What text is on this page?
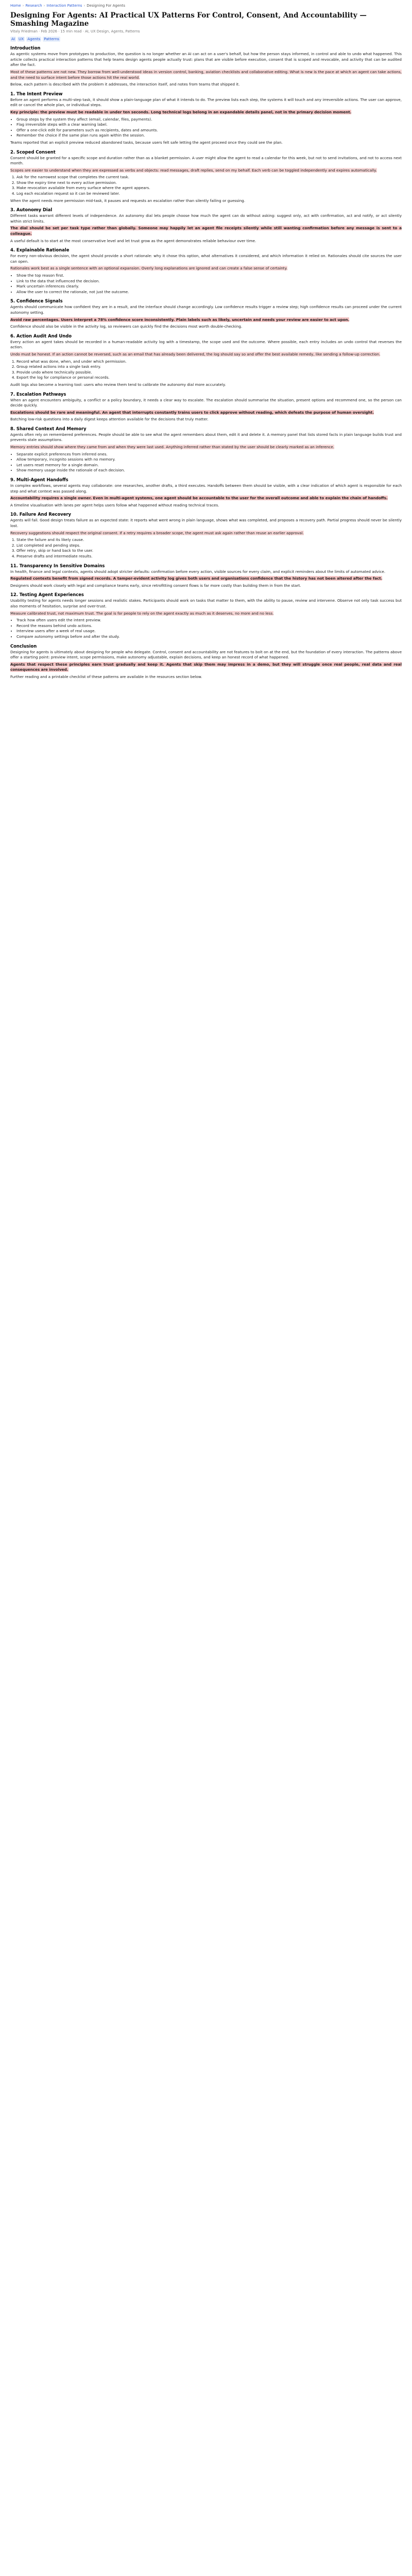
Home › Research › Interaction Patterns › Designing For Agents
Designing For Agents: AI Practical UX Patterns For Control, Consent, And Accountability — Smashing Magazine
Vitaly Friedman · Feb 2026 · 15 min read · AI, UX Design, Agents, Patterns
AI UX Agents Patterns
Introduction

As agentic systems move from prototypes to production, the question is no longer whether an AI can act on a user's behalf, but how the person stays informed, in control and able to undo what happened. This article collects practical interaction patterns that help teams design agents people actually trust: plans that are visible before execution, consent that is scoped and revocable, and activity that can be audited after the fact.

Most of these patterns are not new. They borrow from well-understood ideas in version control, banking, aviation checklists and collaborative editing. What is new is the pace at which an agent can take actions, and the need to surface intent before those actions hit the real world.

Below, each pattern is described with the problem it addresses, the interaction itself, and notes from teams that shipped it.

1. The Intent Preview

Before an agent performs a multi-step task, it should show a plain-language plan of what it intends to do. The preview lists each step, the systems it will touch and any irreversible actions. The user can approve, edit or cancel the whole plan, or individual steps.

Key principle: the preview must be readable in under ten seconds. Long technical logs belong in an expandable details panel, not in the primary decision moment.

• Group steps by the system they affect (email, calendar, files, payments).
• Flag irreversible steps with a clear warning label.
• Offer a one-click edit for parameters such as recipients, dates and amounts.
• Remember the choice if the same plan runs again within the session.

Teams reported that an explicit preview reduced abandoned tasks, because users felt safe letting the agent proceed once they could see the plan.

2. Scoped Consent

Consent should be granted for a specific scope and duration rather than as a blanket permission. A user might allow the agent to read a calendar for this week, but not to send invitations, and not to access next month.

Scopes are easier to understand when they are expressed as verbs and objects: read messages, draft replies, send on my behalf. Each verb can be toggled independently and expires automatically.

1. Ask for the narrowest scope that completes the current task.
2. Show the expiry time next to every active permission.
3. Make revocation available from every surface where the agent appears.
4. Log each escalation request so it can be reviewed later.

When the agent needs more permission mid-task, it pauses and requests an escalation rather than silently failing or guessing.

3. Autonomy Dial

Different tasks warrant different levels of independence. An autonomy dial lets people choose how much the agent can do without asking: suggest only, act with confirmation, act and notify, or act silently within strict limits.

The dial should be set per task type rather than globally. Someone may happily let an agent file receipts silently while still wanting confirmation before any message is sent to a colleague.

A useful default is to start at the most conservative level and let trust grow as the agent demonstrates reliable behaviour over time.

4. Explainable Rationale

For every non-obvious decision, the agent should provide a short rationale: why it chose this option, what alternatives it considered, and which information it relied on. Rationales should cite sources the user can open.

Rationales work best as a single sentence with an optional expansion. Overly long explanations are ignored and can create a false sense of certainty.

• Show the top reason first.
• Link to the data that influenced the decision.
• Mark uncertain inferences clearly.
• Allow the user to correct the rationale, not just the outcome.
5. Confidence Signals

Agents should communicate how confident they are in a result, and the interface should change accordingly. Low confidence results trigger a review step; high confidence results can proceed under the current autonomy setting.

Avoid raw percentages. Users interpret a 78% confidence score inconsistently. Plain labels such as likely, uncertain and needs your review are easier to act upon.

Confidence should also be visible in the activity log, so reviewers can quickly find the decisions most worth double-checking.

6. Action Audit And Undo

Every action an agent takes should be recorded in a human-readable activity log with a timestamp, the scope used and the outcome. Where possible, each entry includes an undo control that reverses the action.

Undo must be honest. If an action cannot be reversed, such as an email that has already been delivered, the log should say so and offer the best available remedy, like sending a follow-up correction.

1. Record what was done, when, and under which permission.
2. Group related actions into a single task entry.
3. Provide undo where technically possible.
4. Export the log for compliance or personal records.

Audit logs also become a learning tool: users who review them tend to calibrate the autonomy dial more accurately.

7. Escalation Pathways

When an agent encounters ambiguity, a conflict or a policy boundary, it needs a clear way to escalate. The escalation should summarise the situation, present options and recommend one, so the person can decide quickly.

Escalations should be rare and meaningful. An agent that interrupts constantly trains users to click approve without reading, which defeats the purpose of human oversight.

Batching low-risk questions into a daily digest keeps attention available for the decisions that truly matter.

8. Shared Context And Memory

Agents often rely on remembered preferences. People should be able to see what the agent remembers about them, edit it and delete it. A memory panel that lists stored facts in plain language builds trust and prevents stale assumptions.

Memory entries should show where they came from and when they were last used. Anything inferred rather than stated by the user should be clearly marked as an inference.

• Separate explicit preferences from inferred ones.
• Allow temporary, incognito sessions with no memory.
• Let users reset memory for a single domain.
• Show memory usage inside the rationale of each decision.
9. Multi-Agent Handoffs

In complex workflows, several agents may collaborate: one researches, another drafts, a third executes. Handoffs between them should be visible, with a clear indication of which agent is responsible for each step and what context was passed along.

Accountability requires a single owner. Even in multi-agent systems, one agent should be accountable to the user for the overall outcome and able to explain the chain of handoffs.

A timeline visualisation with lanes per agent helps users follow what happened without reading technical traces.

10. Failure And Recovery

Agents will fail. Good design treats failure as an expected state: it reports what went wrong in plain language, shows what was completed, and proposes a recovery path. Partial progress should never be silently lost.

Recovery suggestions should respect the original consent. If a retry requires a broader scope, the agent must ask again rather than reuse an earlier approval.

1. State the failure and its likely cause.
2. List completed and pending steps.
3. Offer retry, skip or hand back to the user.
4. Preserve drafts and intermediate results.
11. Transparency In Sensitive Domains

In health, finance and legal contexts, agents should adopt stricter defaults: confirmation before every action, visible sources for every claim, and explicit reminders about the limits of automated advice.

Regulated contexts benefit from signed records. A tamper-evident activity log gives both users and organisations confidence that the history has not been altered after the fact.

Designers should work closely with legal and compliance teams early, since retrofitting consent flows is far more costly than building them in from the start.

12. Testing Agent Experiences

Usability testing for agents needs longer sessions and realistic stakes. Participants should work on tasks that matter to them, with the ability to pause, review and intervene. Observe not only task success but also moments of hesitation, surprise and over-trust.

Measure calibrated trust, not maximum trust. The goal is for people to rely on the agent exactly as much as it deserves, no more and no less.

• Track how often users edit the intent preview.
• Record the reasons behind undo actions.
• Interview users after a week of real usage.
• Compare autonomy settings before and after the study.
Conclusion

Designing for agents is ultimately about designing for people who delegate. Control, consent and accountability are not features to bolt on at the end, but the foundation of every interaction. The patterns above offer a starting point: preview intent, scope permissions, make autonomy adjustable, explain decisions, and keep an honest record of what happened.

Agents that respect these principles earn trust gradually and keep it. Agents that skip them may impress in a demo, but they will struggle once real people, real data and real consequences are involved.

Further reading and a printable checklist of these patterns are available in the resources section below.
